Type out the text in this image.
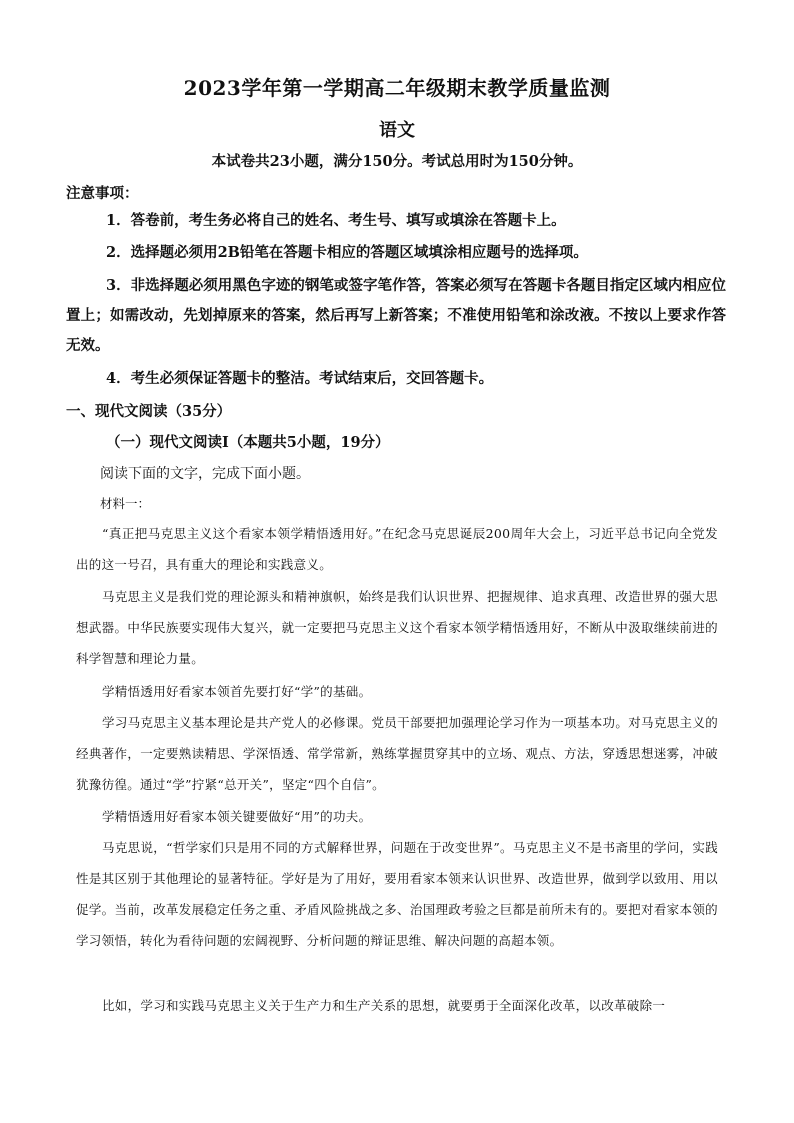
2023学年第一学期高二年级期末教学质量监测
语文
本试卷共23小题，满分150分。考试总用时为150分钟。
注意事项：
1．答卷前，考生务必将自己的姓名、考生号、填写或填涂在答题卡上。
2．选择题必须用2B铅笔在答题卡相应的答题区域填涂相应题号的选择项。
3．非选择题必须用黑色字迹的钢笔或签字笔作答，答案必须写在答题卡各题目指定区域内相应位置上；如需改动，先划掉原来的答案，然后再写上新答案；不准使用铅笔和涂改液。不按以上要求作答无效。
4．考生必须保证答题卡的整洁。考试结束后，交回答题卡。
一、现代文阅读（35分）
（一）现代文阅读Ⅰ（本题共5小题，19分）
阅读下面的文字，完成下面小题。
材料一：
“真正把马克思主义这个看家本领学精悟透用好。”在纪念马克思诞辰200周年大会上，习近平总书记向全党发出的这一号召，具有重大的理论和实践意义。
马克思主义是我们党的理论源头和精神旗帜，始终是我们认识世界、把握规律、追求真理、改造世界的强大思想武器。中华民族要实现伟大复兴，就一定要把马克思主义这个看家本领学精悟透用好，不断从中汲取继续前进的科学智慧和理论力量。
学精悟透用好看家本领首先要打好“学”的基础。
学习马克思主义基本理论是共产党人的必修课。党员干部要把加强理论学习作为一项基本功。对马克思主义的经典著作，一定要熟读精思、学深悟透、常学常新，熟练掌握贯穿其中的立场、观点、方法，穿透思想迷雾，冲破犹豫彷徨。通过“学”拧紧“总开关”，坚定“四个自信”。
学精悟透用好看家本领关键要做好“用”的功夫。
马克思说，“哲学家们只是用不同的方式解释世界，问题在于改变世界”。马克思主义不是书斋里的学问，实践性是其区别于其他理论的显著特征。学好是为了用好，要用看家本领来认识世界、改造世界，做到学以致用、用以促学。当前，改革发展稳定任务之重、矛盾风险挑战之多、治国理政考验之巨都是前所未有的。要把对看家本领的学习领悟，转化为看待问题的宏阔视野、分析问题的辩证思维、解决问题的高超本领。
比如，学习和实践马克思主义关于生产力和生产关系的思想，就要勇于全面深化改革，以改革破除一
